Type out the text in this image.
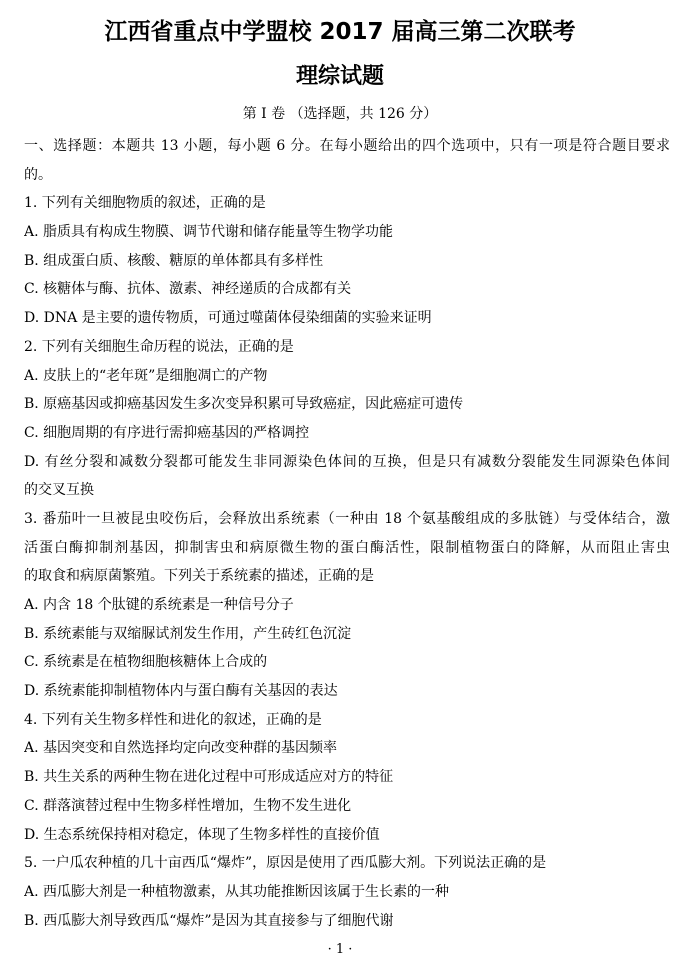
江西省重点中学盟校 2017 届高三第二次联考
理综试题
第 I 卷 （选择题，共 126 分）
一、选择题：本题共 13 小题，每小题 6 分。在每小题给出的四个选项中，只有一项是符合题目要求
的。
1. 下列有关细胞物质的叙述，正确的是
A. 脂质具有构成生物膜、调节代谢和储存能量等生物学功能
B. 组成蛋白质、核酸、糖原的单体都具有多样性
C. 核糖体与酶、抗体、激素、神经递质的合成都有关
D. DNA 是主要的遗传物质，可通过噬菌体侵染细菌的实验来证明
2. 下列有关细胞生命历程的说法，正确的是
A. 皮肤上的“老年斑”是细胞凋亡的产物
B. 原癌基因或抑癌基因发生多次变异积累可导致癌症，因此癌症可遗传
C. 细胞周期的有序进行需抑癌基因的严格调控
D. 有丝分裂和减数分裂都可能发生非同源染色体间的互换，但是只有减数分裂能发生同源染色体间
的交叉互换
3. 番茄叶一旦被昆虫咬伤后，会释放出系统素（一种由 18 个氨基酸组成的多肽链）与受体结合，激
活蛋白酶抑制剂基因，抑制害虫和病原微生物的蛋白酶活性，限制植物蛋白的降解，从而阻止害虫
的取食和病原菌繁殖。下列关于系统素的描述，正确的是
A. 内含 18 个肽键的系统素是一种信号分子
B. 系统素能与双缩脲试剂发生作用，产生砖红色沉淀
C. 系统素是在植物细胞核糖体上合成的
D. 系统素能抑制植物体内与蛋白酶有关基因的表达
4. 下列有关生物多样性和进化的叙述，正确的是
A. 基因突变和自然选择均定向改变种群的基因频率
B. 共生关系的两种生物在进化过程中可形成适应对方的特征
C. 群落演替过程中生物多样性增加，生物不发生进化
D. 生态系统保持相对稳定，体现了生物多样性的直接价值
5. 一户瓜农种植的几十亩西瓜“爆炸”，原因是使用了西瓜膨大剂。下列说法正确的是
A. 西瓜膨大剂是一种植物激素，从其功能推断因该属于生长素的一种
B. 西瓜膨大剂导致西瓜“爆炸”是因为其直接参与了细胞代谢
· 1 ·
